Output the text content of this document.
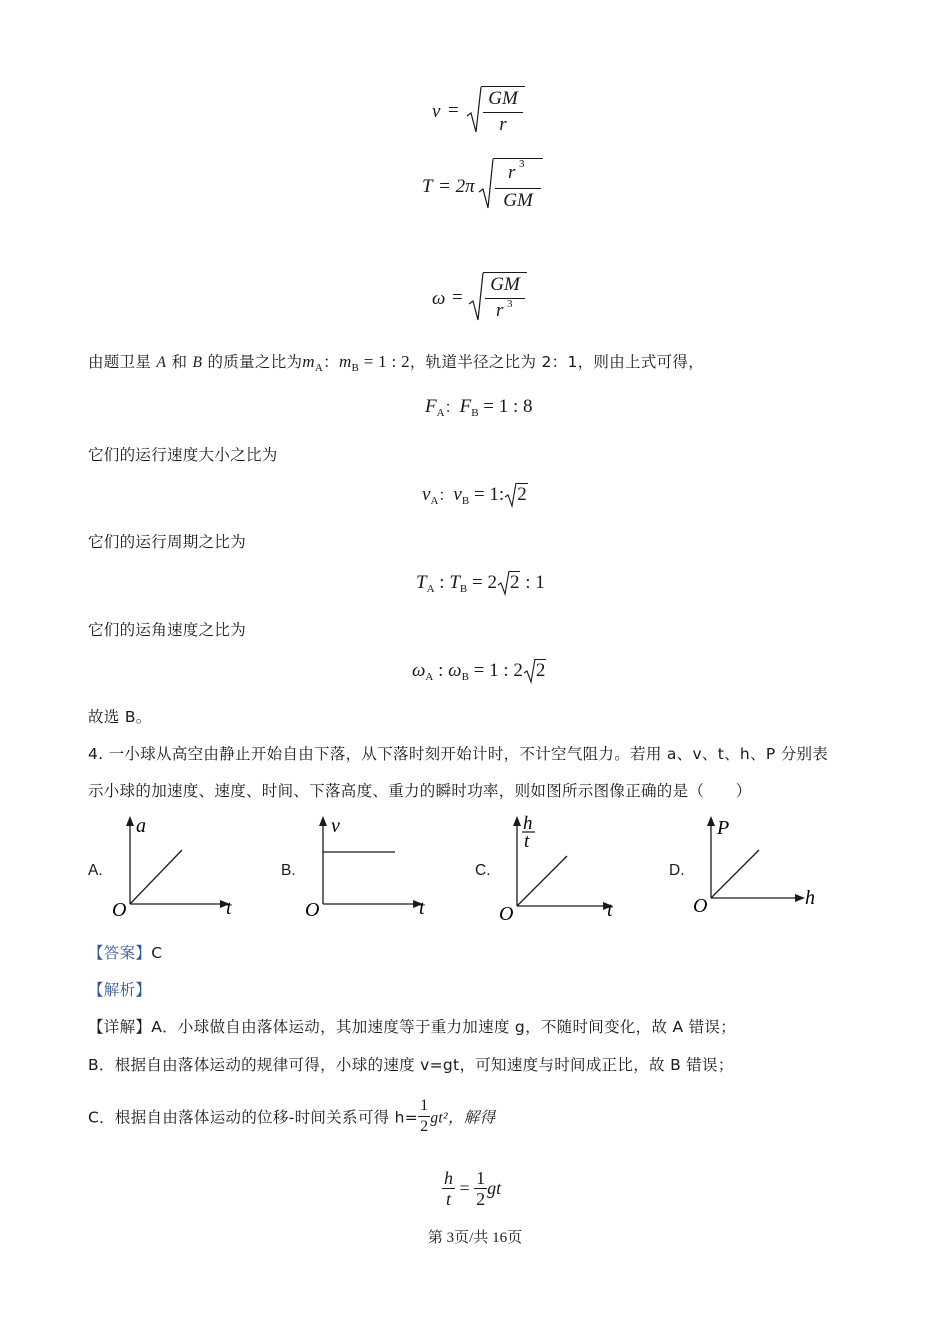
v =
GM
r
T = 2π
r 3
GM
ω =
GM
r 3
由题卫星 A 和 B 的质量之比为$m_A$：$m_B = 1$ : 2，轨道半径之比为 2：1，则由上式可得，
$F_A$：$F_B = 1$ : 8
它们的运行速度大小之比为
$v_A$：$v_B = 1$: 2
它们的运行周期之比为
$T_A$ : $T_B = 2$ 2 : 1
它们的运角速度之比为
$\omega_A$ : $\omega_B = 1$ : 2 2
故选 B。
4. 一小球从高空由静止开始自由下落，从下落时刻开始计时，不计空气阻力。若用 a、v、t、h、P 分别表
示小球的加速度、速度、时间、下落高度、重力的瞬时功率，则如图所示图像正确的是（　　）
A.
a
t
O
B.
v
t
O
C.
h
t
t
O
D.
P
h
O
【答案】C
【解析】
【详解】A．小球做自由落体运动，其加速度等于重力加速度 g，不随时间变化，故 A 错误；
B．根据自由落体运动的规律可得，小球的速度 v=gt，可知速度与时间成正比，故 B 错误；
C．根据自由落体运动的位移-时间关系可得 $h= \frac{1}{2} gt^2$，解得
$\frac{h}{t} = \frac{1}{2}$ gt
第 3页/共 16页
